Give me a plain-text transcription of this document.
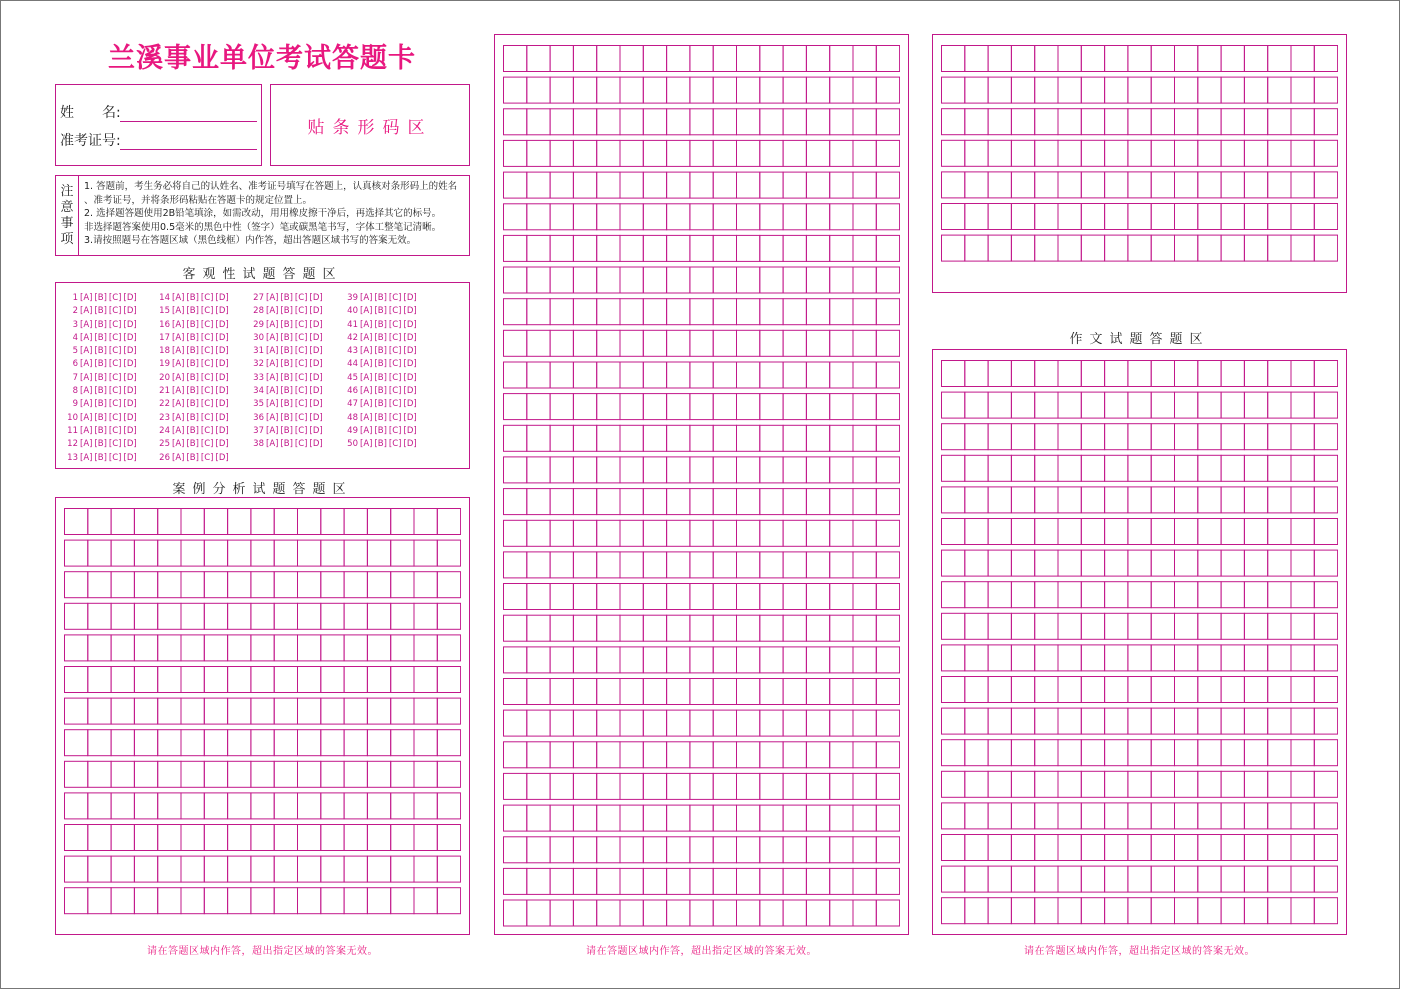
兰溪事业单位考试答题卡
姓　　名:
准考证号:
贴条形码区
注
意
事
项
1. 答题前，考生务必将自己的认姓名、准考证号填写在答题上，认真核对条形码上的姓名
、准考证号，并将条形码粘贴在答题卡的规定位置上。
2. 选择题答题使用2B铅笔填涂，如需改动，用用橡皮擦干净后，再选择其它的标号。
非选择题答案使用0.5毫米的黑色中性（签字）笔或碳黑笔书写，字体工整笔记清晰。
3.请按照题号在答题区域（黑色线框）内作答，超出答题区域书写的答案无效。
客观性试题答题区
1 [A] [B] [C] [D]
2 [A] [B] [C] [D]
3 [A] [B] [C] [D]
4 [A] [B] [C] [D]
5 [A] [B] [C] [D]
6 [A] [B] [C] [D]
7 [A] [B] [C] [D]
8 [A] [B] [C] [D]
9 [A] [B] [C] [D]
10 [A] [B] [C] [D]
11 [A] [B] [C] [D]
12 [A] [B] [C] [D]
13 [A] [B] [C] [D]
14 [A] [B] [C] [D]
15 [A] [B] [C] [D]
16 [A] [B] [C] [D]
17 [A] [B] [C] [D]
18 [A] [B] [C] [D]
19 [A] [B] [C] [D]
20 [A] [B] [C] [D]
21 [A] [B] [C] [D]
22 [A] [B] [C] [D]
23 [A] [B] [C] [D]
24 [A] [B] [C] [D]
25 [A] [B] [C] [D]
26 [A] [B] [C] [D]
27 [A] [B] [C] [D]
28 [A] [B] [C] [D]
29 [A] [B] [C] [D]
30 [A] [B] [C] [D]
31 [A] [B] [C] [D]
32 [A] [B] [C] [D]
33 [A] [B] [C] [D]
34 [A] [B] [C] [D]
35 [A] [B] [C] [D]
36 [A] [B] [C] [D]
37 [A] [B] [C] [D]
38 [A] [B] [C] [D]
39 [A] [B] [C] [D]
40 [A] [B] [C] [D]
41 [A] [B] [C] [D]
42 [A] [B] [C] [D]
43 [A] [B] [C] [D]
44 [A] [B] [C] [D]
45 [A] [B] [C] [D]
46 [A] [B] [C] [D]
47 [A] [B] [C] [D]
48 [A] [B] [C] [D]
49 [A] [B] [C] [D]
50 [A] [B] [C] [D]
案例分析试题答题区
请在答题区域内作答，超出指定区域的答案无效。	请在答题区域内作答，超出指定区域的答案无效。
作文试题答题区
请在答题区域内作答，超出指定区域的答案无效。
